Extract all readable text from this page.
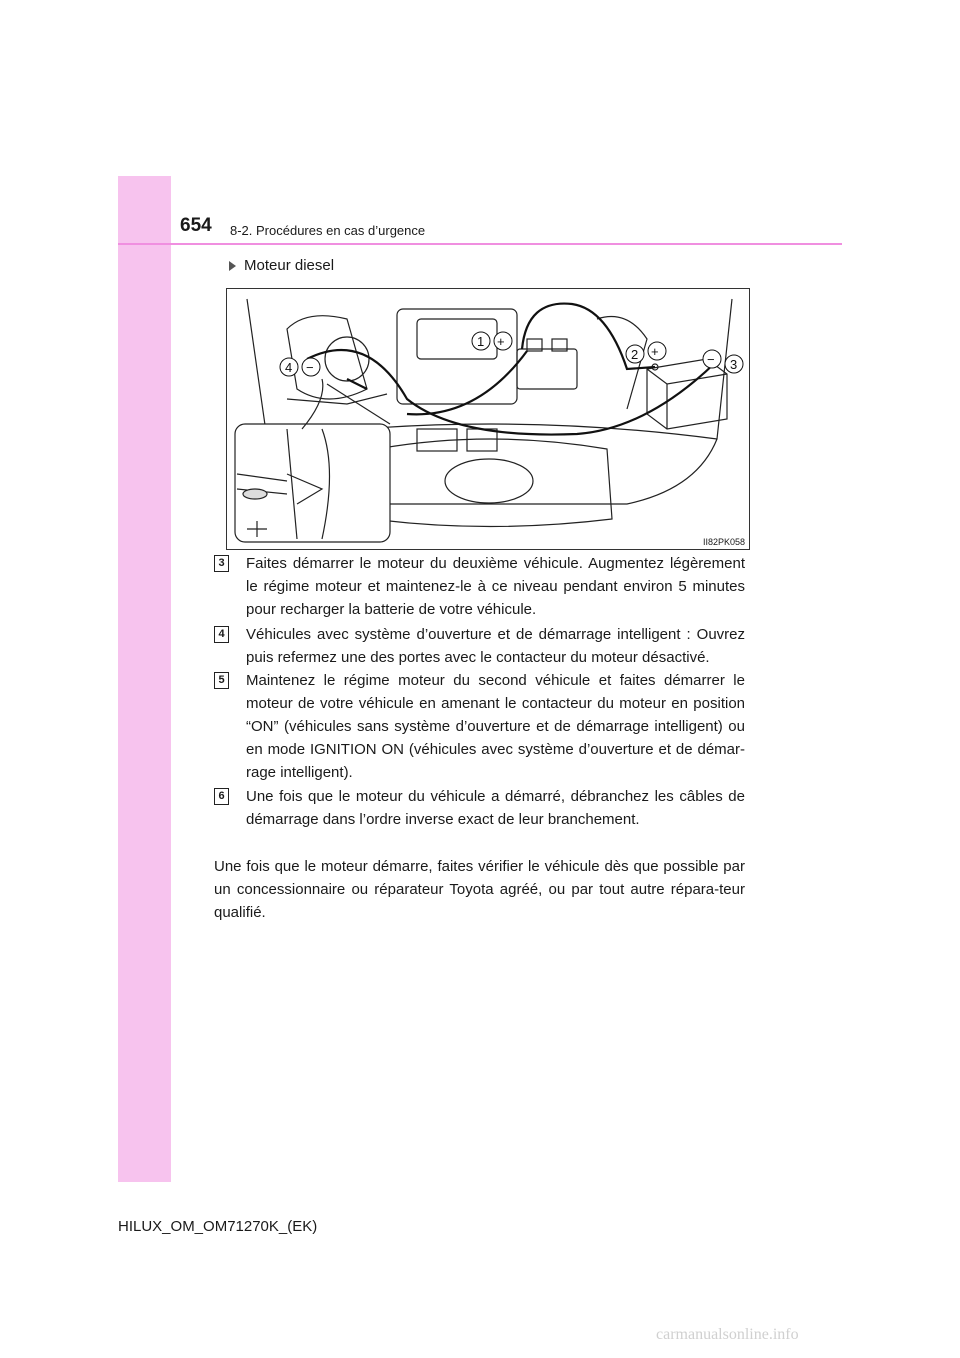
654 8-2. Procédures en cas d’urgence
Moteur diesel
1 +
2 +
− 3
4 −
II82PK058
3 Faites démarrer le moteur du deuxième véhicule. Augmentez légèrement le régime moteur et maintenez-le à ce niveau pendant environ 5 minutes pour recharger la batterie de votre véhicule.
4 Véhicules avec système d’ouverture et de démarrage intelligent : Ouvrez puis refermez une des portes avec le contacteur du moteur désactivé.
5 Maintenez le régime moteur du second véhicule et faites démarrer le moteur de votre véhicule en amenant le contacteur du moteur en position “ON” (véhicules sans système d’ouverture et de démarrage intelligent) ou en mode IGNITION ON (véhicules avec système d’ouverture et de démar-rage intelligent).
6 Une fois que le moteur du véhicule a démarré, débranchez les câbles de démarrage dans l’ordre inverse exact de leur branchement.
Une fois que le moteur démarre, faites vérifier le véhicule dès que possible par un concessionnaire ou réparateur Toyota agréé, ou par tout autre répara-teur qualifié.
HILUX_OM_OM71270K_(EK)
carmanualsonline.info
